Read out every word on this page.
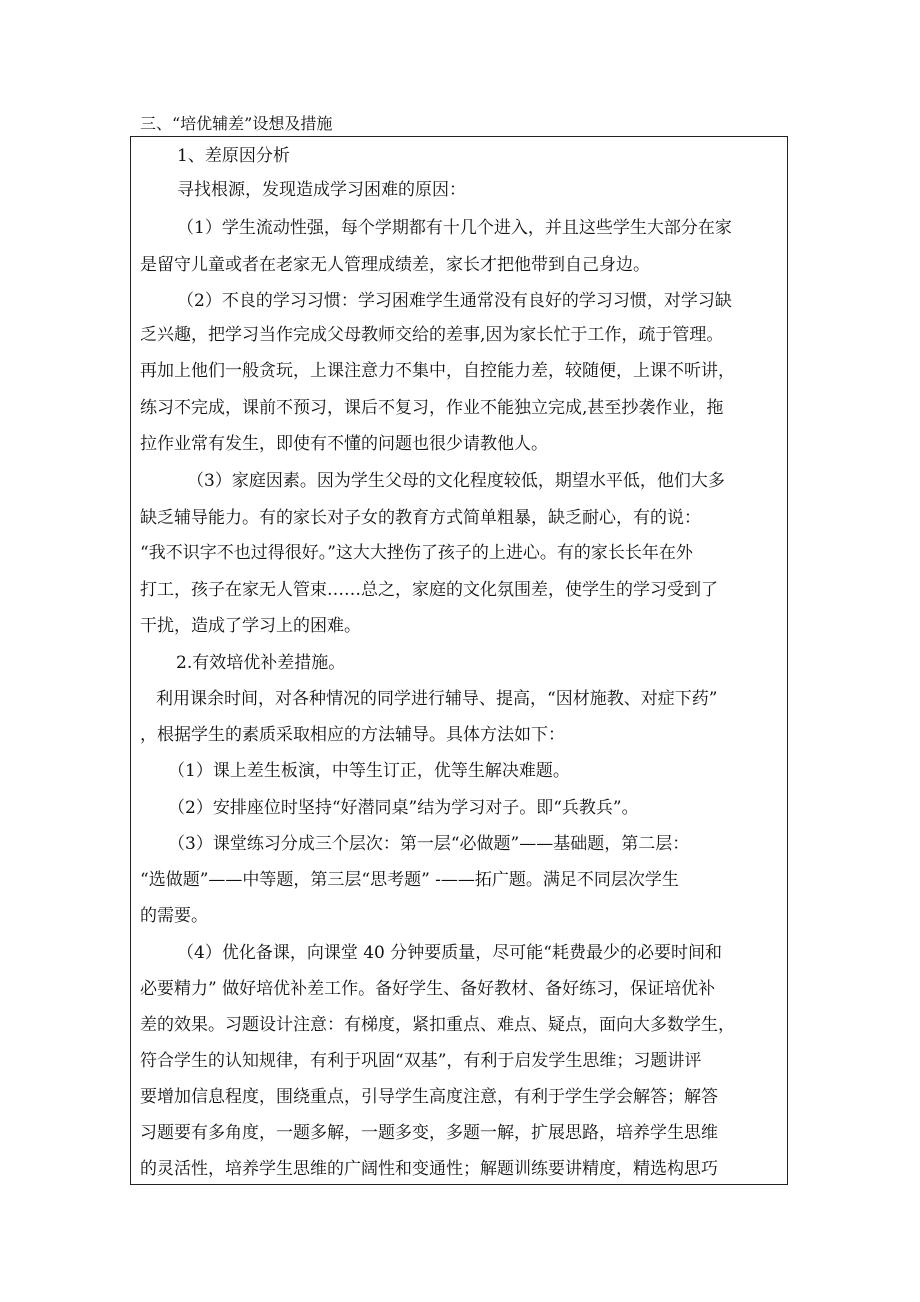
三、“培优辅差”设想及措施
1、差原因分析
寻找根源，发现造成学习困难的原因：
（1）学生流动性强，每个学期都有十几个进入，并且这些学生大部分在家
是留守儿童或者在老家无人管理成绩差，家长才把他带到自己身边。
（2）不良的学习习惯：学习困难学生通常没有良好的学习习惯，对学习缺
乏兴趣，把学习当作完成父母教师交给的差事,因为家长忙于工作，疏于管理。
再加上他们一般贪玩，上课注意力不集中，自控能力差，较随便，上课不听讲，
练习不完成，课前不预习，课后不复习，作业不能独立完成,甚至抄袭作业，拖
拉作业常有发生，即使有不懂的问题也很少请教他人。
（3）家庭因素。因为学生父母的文化程度较低，期望水平低，他们大多
缺乏辅导能力。有的家长对子女的教育方式简单粗暴，缺乏耐心，有的说：
“我不识字不也过得很好。”这大大挫伤了孩子的上进心。有的家长长年在外
打工，孩子在家无人管束……总之，家庭的文化氛围差，使学生的学习受到了
干扰，造成了学习上的困难。
2.有效培优补差措施。
利用课余时间，对各种情况的同学进行辅导、提高，“因材施教、对症下药”
，根据学生的素质采取相应的方法辅导。具体方法如下：
（1）课上差生板演，中等生订正，优等生解决难题。
（2）安排座位时坚持“好潜同桌”结为学习对子。即“兵教兵”。
（3）课堂练习分成三个层次：第一层“必做题”——基础题，第二层：
“选做题”——中等题，第三层“思考题” -——拓广题。满足不同层次学生
的需要。
（4）优化备课，向课堂 40 分钟要质量，尽可能“耗费最少的必要时间和
必要精力” 做好培优补差工作。备好学生、备好教材、备好练习，保证培优补
差的效果。习题设计注意：有梯度，紧扣重点、难点、疑点，面向大多数学生，
符合学生的认知规律，有利于巩固“双基”，有利于启发学生思维；习题讲评
要增加信息程度，围绕重点，引导学生高度注意，有利于学生学会解答；解答
习题要有多角度，一题多解，一题多变，多题一解，扩展思路，培养学生思维
的灵活性，培养学生思维的广阔性和变通性；解题训练要讲精度，精选构思巧
